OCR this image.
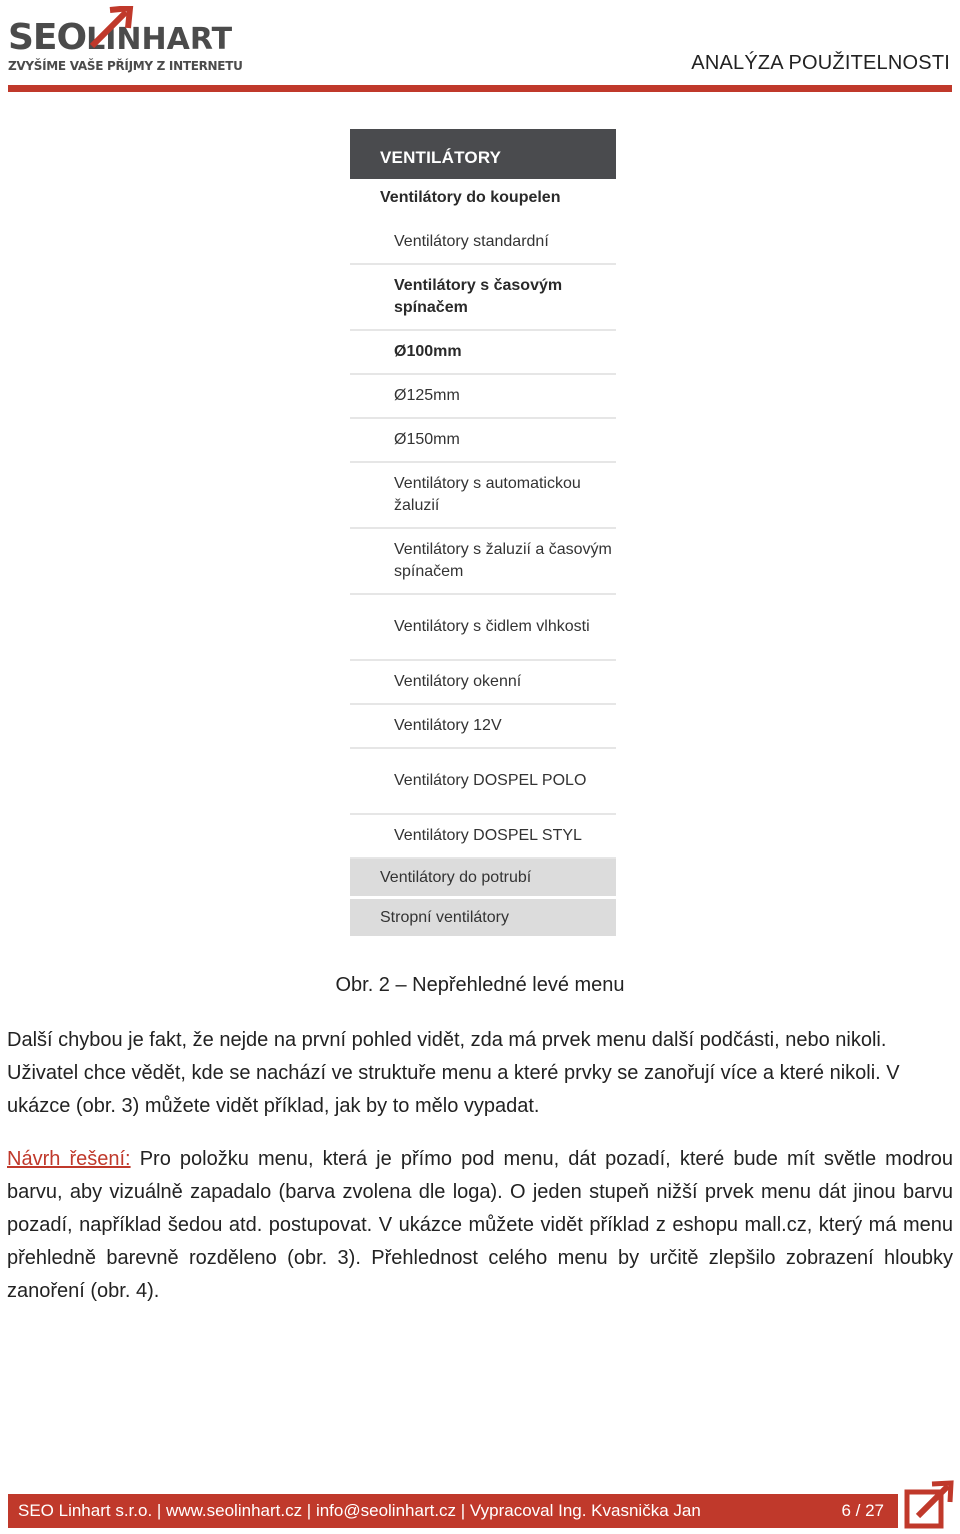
SEOLINHART
ZVYŠÍME VAŠE PŘÍJMY Z INTERNETU	ANALÝZA POUŽITELNOSTI
VENTILÁTORY
Ventilátory do koupelen
Ventilátory standardní
Ventilátory s časovým spínačem
Ø100mm
Ø125mm
Ø150mm
Ventilátory s automatickou žaluzií
Ventilátory s žaluzií a časovým spínačem
Ventilátory s čidlem vlhkosti
Ventilátory okenní
Ventilátory 12V
Ventilátory DOSPEL POLO
Ventilátory DOSPEL STYL
Ventilátory do potrubí
Stropní ventilátory
Obr. 2 – Nepřehledné levé menu

Další chybou je fakt, že nejde na první pohled vidět, zda má prvek menu další podčásti, nebo nikoli. Uživatel chce vědět, kde se nachází ve struktuře menu a které prvky se zanořují více a které nikoli. V ukázce (obr. 3) můžete vidět příklad, jak by to mělo vypadat.

Návrh řešení: Pro položku menu, která je přímo pod menu, dát pozadí, které bude mít světle modrou barvu, aby vizuálně zapadalo (barva zvolena dle loga). O jeden stupeň nižší prvek menu dát jinou barvu pozadí, například šedou atd. postupovat. V ukázce můžete vidět příklad z eshopu mall.cz, který má menu přehledně barevně rozděleno (obr. 3). Přehlednost celého menu by určitě zlepšilo zobrazení hloubky zanoření (obr. 4).

SEO Linhart s.r.o. | www.seolinhart.cz | info@seolinhart.cz | Vypracoval Ing. Kvasnička Jan	6 / 27
